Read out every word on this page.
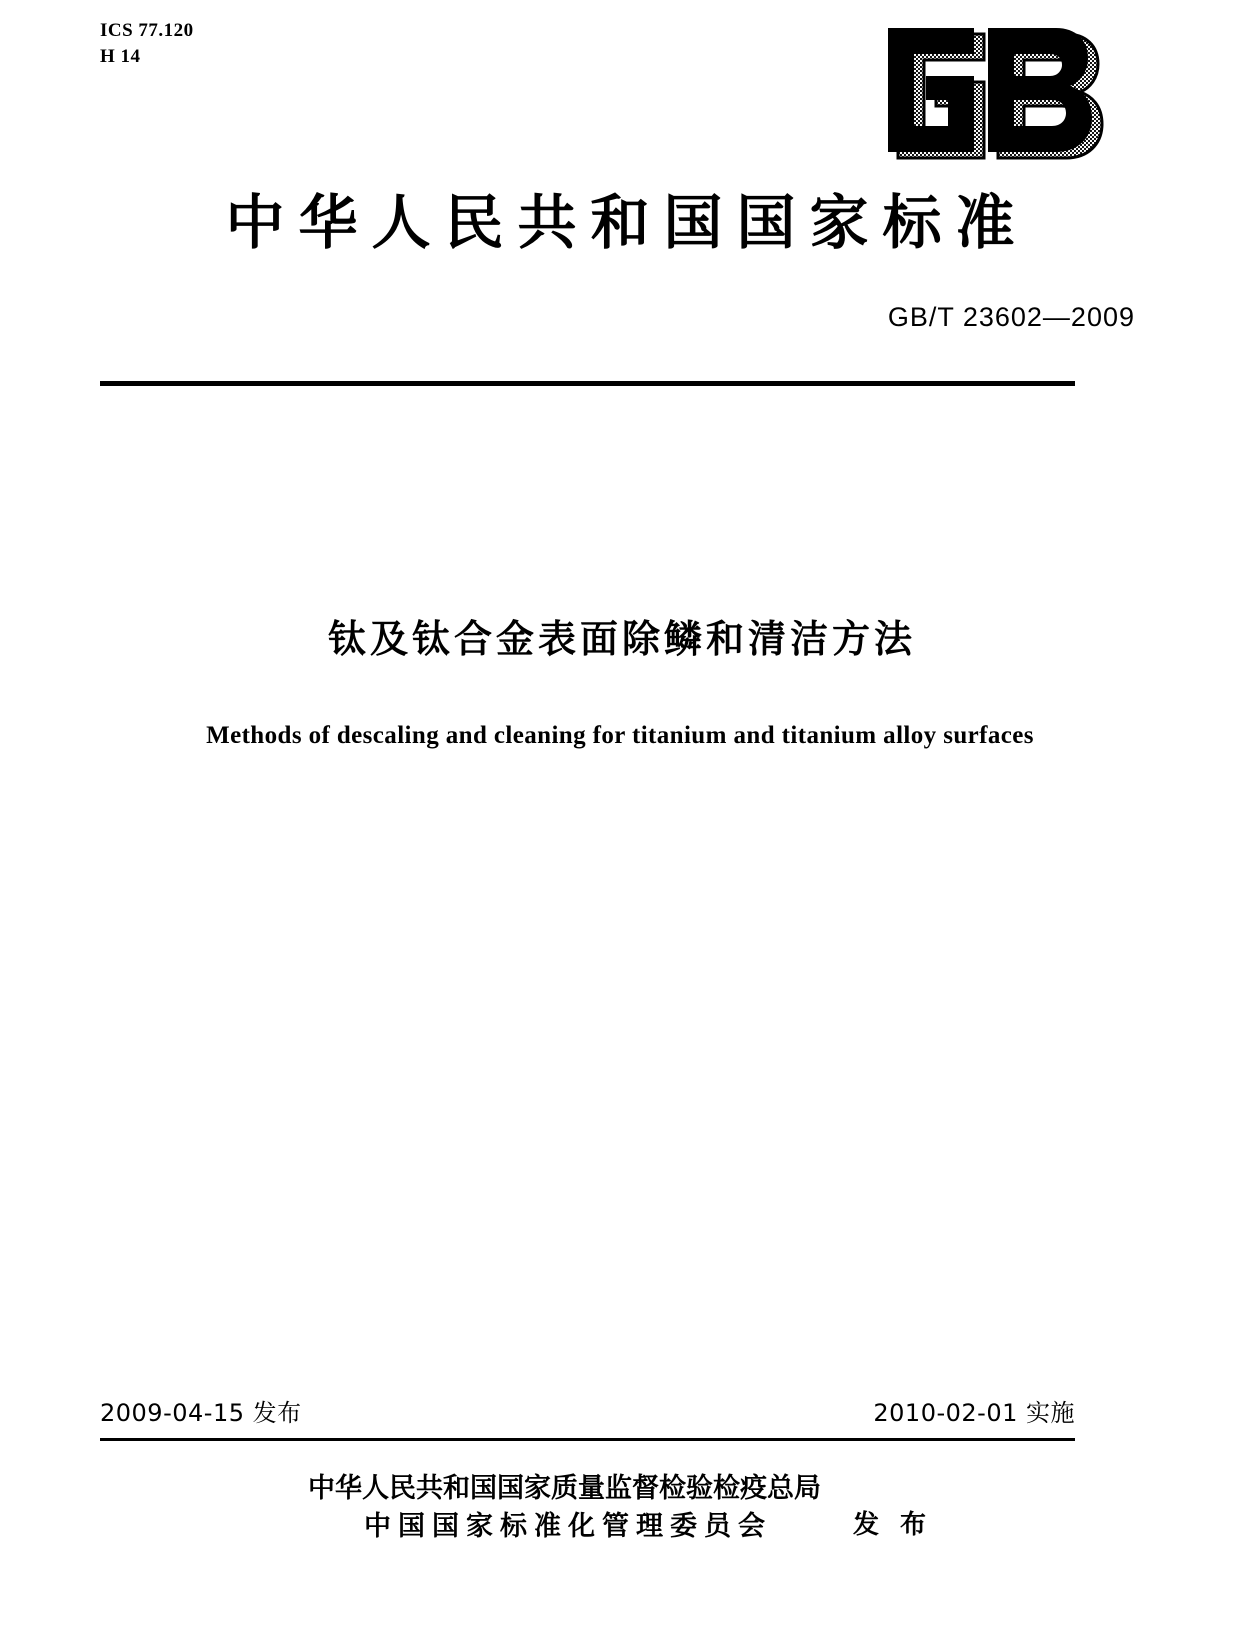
ICS 77.120
H 14
中华人民共和国国家标准
GB/T 23602—2009
钛及钛合金表面除鳞和清洁方法
Methods of descaling and cleaning for titanium and titanium alloy surfaces
2009-04-15 发布	2010-02-01 实施
中华人民共和国国家质量监督检验检疫总局
中国国家标准化管理委员会	发 布
